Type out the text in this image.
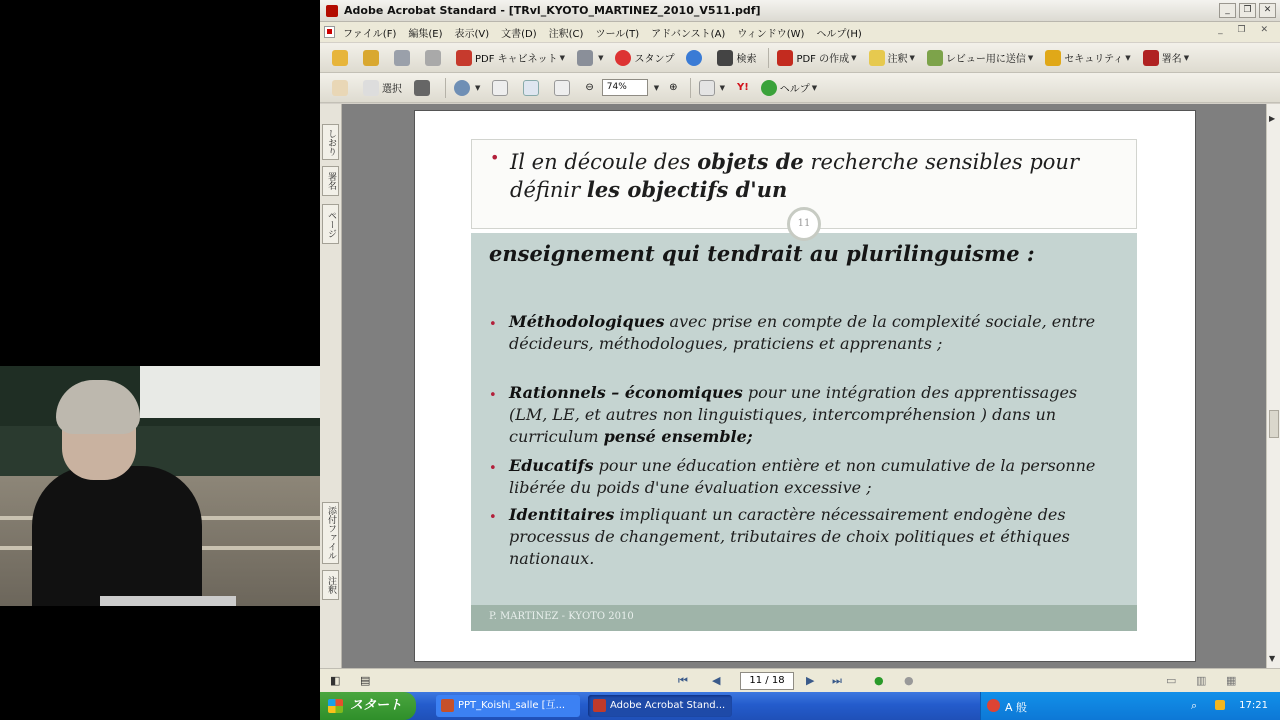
Adobe Acrobat Standard - [TRvl_KYOTO_MARTINEZ_2010_V511.pdf]	_	❐	✕
ファイル(F)	編集(E)	表示(V)	文書(D)	注釈(C)	ツール(T)	アドバンスト(A)	ウィンドウ(W)	ヘルプ(H)	_ ❐ ✕
PDF キャビネット ▼	▼	スタンプ	検索	PDF の作成 ▼	注釈 ▼	レビュー用に送信 ▼	セキュリティ ▼	署名 ▼
選択	▼	⊖	74%	▼ ⊕	▼ Y!	ヘルプ ▼
しおり
署名
ページ
添付ファイル
注釈
• Il en découle des objets de recherche sensibles pour définir les objectifs d'un
enseignement qui tendrait au plurilinguisme :
• Méthodologiques avec prise en compte de la complexité sociale, entre décideurs, méthodologues, praticiens et apprenants ;
• Rationnels – économiques pour une intégration des apprentissages (LM, LE, et autres non linguistiques, intercompréhension ) dans un curriculum pensé ensemble;
• Educatifs pour une éducation entière et non cumulative de la personne libérée du poids d'une évaluation excessive ;
• Identitaires impliquant un caractère nécessairement endogène des processus de changement, tributaires de choix politiques et éthiques nationaux.
11
P. MARTINEZ - KYOTO 2010
▶
▼
◧ ▤	⏮ ◀	11 / 18	▶ ⏭	● ●	▭ ▥ ▦
スタート	PPT_Koishi_salle [互...	Adobe Acrobat Stand...	A 般	⌕	17:21
